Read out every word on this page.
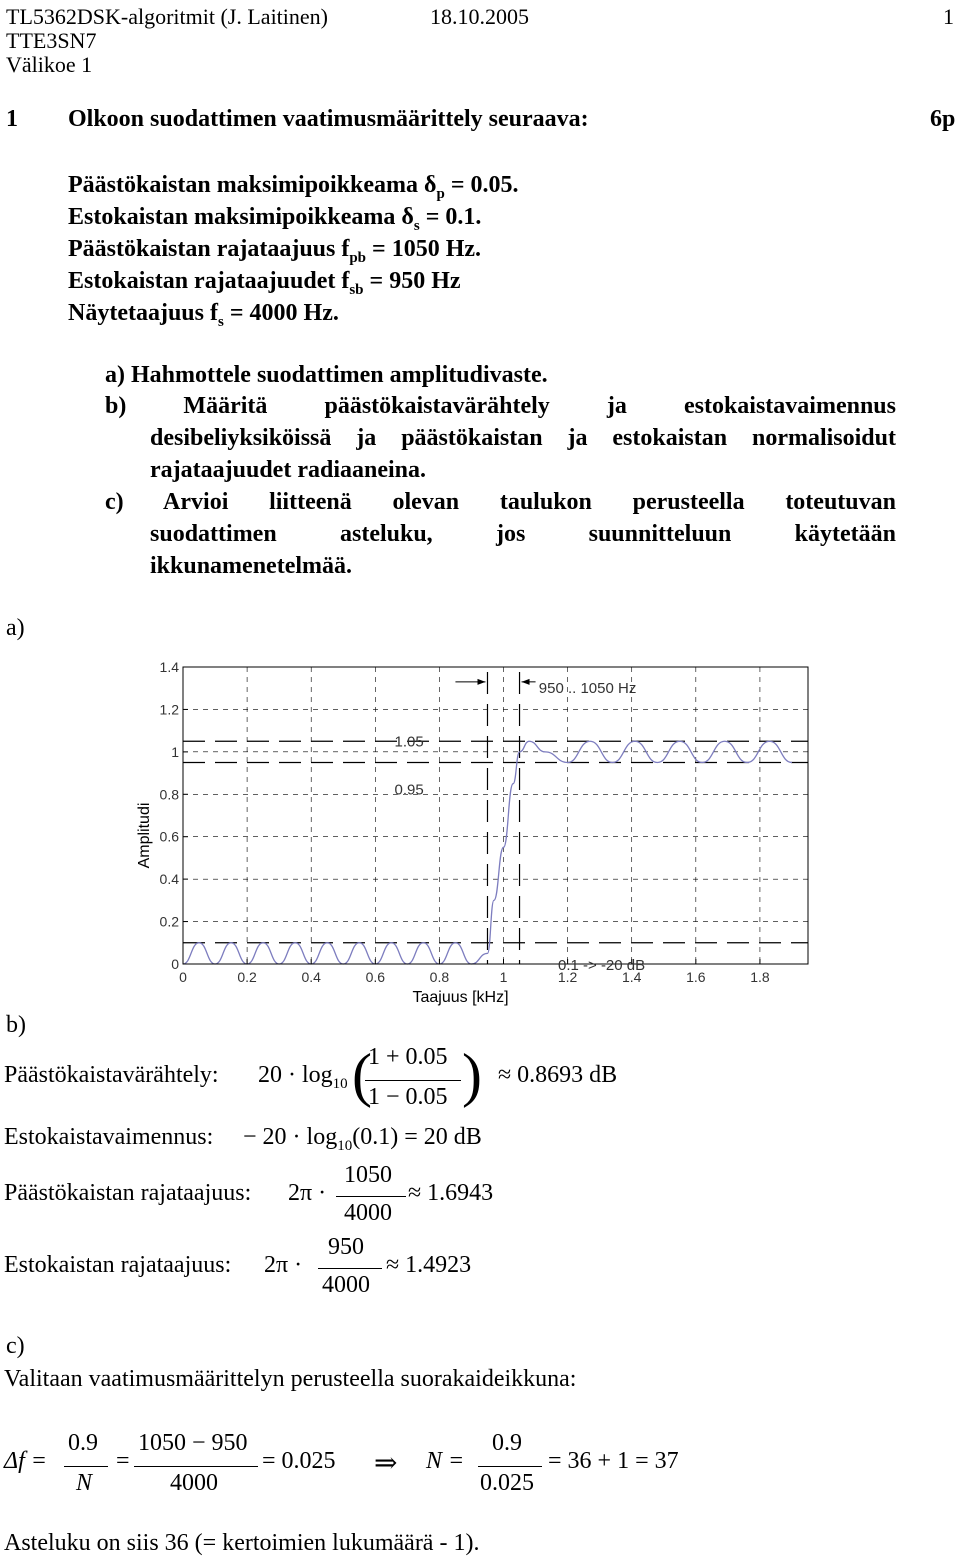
TL5362DSK-algoritmit (J. Laitinen)	18.10.2005	1
TTE3SN7
Välikoe 1
1 Olkoon suodattimen vaatimusmäärittely seuraava:	6p
Päästökaistan maksimipoikkeama $\delta_p = 0.05$.
Estokaistan maksimipoikkeama $\delta_s = 0.1$.
Päästökaistan rajataajuus $f_{pb} = 1050$ Hz.
Estokaistan rajataajuudet $f_{sb} = 950$ Hz
Näytetaajuus $f_s = 4000$ Hz.
a) Hahmottele suodattimen amplitudivaste.
b) Määritä päästökaistavärähtely ja estokaistavaimennus
desibeliyksiköissä ja päästökaistan ja estokaistan normalisoidut
rajataajuudet radiaaneina.
c) Arvioi liitteenä olevan taulukon perusteella toteutuvan
suodattimen asteluku, jos suunnitteluun käytetään
ikkunamenetelmää.
a)
0	0.2	0.4	0.6	0.8	1	1.2	1.4	1.6	1.8
0
0.2
0.4
0.6
0.8
1
1.2
1.4
950 .. 1050 Hz
1.05
0.95
0.1 -> -20 dB
Taajuus [kHz]
Amplitudi
b)
Päästökaistavärähtely: $20 \cdot \log_{10}$ (
1 + 0.05
1 − 0.05 ) ≈ 0.8693 dB
Estokaistavaimennus: − $20 \cdot \log_{10}(0.1) = 20$ dB
Päästökaistan rajataajuus: 2π ·
1050
4000
≈ 1.6943
Estokaistan rajataajuus: 2π ·
950
4000
≈ 1.4923
c)
Valitaan vaatimusmäärittelyn perusteella suorakaideikkuna:
Δf =
0.9
N
=
1050 − 950
4000
= 0.025 ⇒ N =
0.9
0.025
= 36 + 1 = 37
Asteluku on siis 36 (= kertoimien lukumäärä - 1).
